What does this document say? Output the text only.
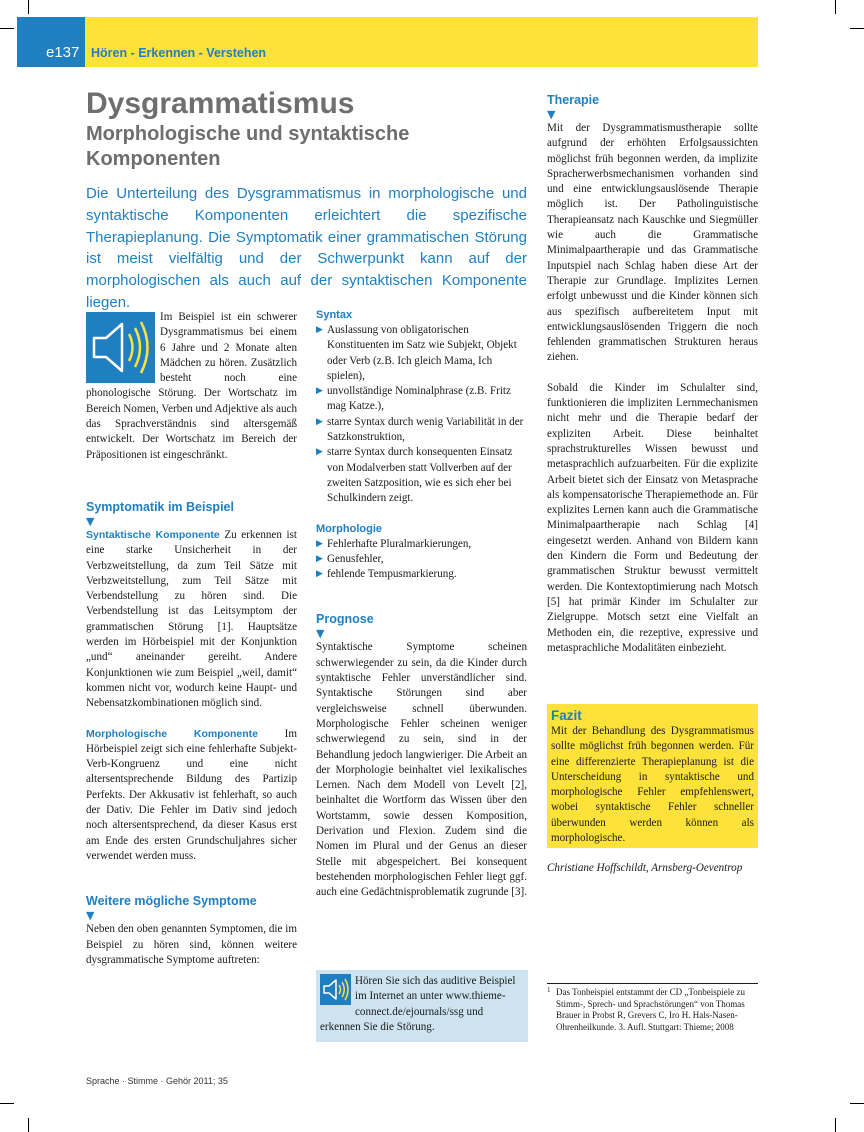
e137 Hören - Erkennen - Verstehen
Dysgrammatismus
Morphologische und syntaktische Komponenten

Die Unterteilung des Dysgrammatismus in morphologische und syntaktische Komponenten erleichtert die spezifische Therapieplanung. Die Symptomatik einer grammatischen Störung ist meist vielfältig und der Schwerpunkt kann auf der morphologischen als auch auf der syntaktischen Komponente liegen.

Im Beispiel ist ein schwerer Dysgrammatismus bei einem 6 Jahre und 2 Monate alten Mädchen zu hören. Zusätzlich besteht noch eine phonologische Störung. Der Wortschatz im Bereich Nomen, Verben und Adjektive als auch das Sprachverständnis sind altersgemäß entwickelt. Der Wortschatz im Bereich der Präpositionen ist eingeschränkt.

Symptomatik im Beispiel
▼

Syntaktische Komponente Zu erkennen ist eine starke Unsicherheit in der Verbzweitstellung, da zum Teil Sätze mit Verbzweitstellung, zum Teil Sätze mit Verbendstellung zu hören sind. Die Verbendstellung ist das Leitsymptom der grammatischen Störung [1]. Hauptsätze werden im Hörbeispiel mit der Konjunktion „und“ aneinander gereiht. Andere Konjunktionen wie zum Beispiel „weil, damit“ kommen nicht vor, wodurch keine Haupt- und Nebensatzkombinationen möglich sind.

Morphologische Komponente Im Hörbeispiel zeigt sich eine fehlerhafte Subjekt-Verb-Kongruenz und eine nicht altersentsprechende Bildung des Partizip Perfekts. Der Akkusativ ist fehlerhaft, so auch der Dativ. Die Fehler im Dativ sind jedoch noch altersentsprechend, da dieser Kasus erst am Ende des ersten Grundschuljahres sicher verwendet werden muss.

Weitere mögliche Symptome
▼

Neben den oben genannten Symptomen, die im Beispiel zu hören sind, können weitere dysgrammatische Symptome auftreten:

Syntax
▶ Auslassung von obligatorischen Konstituenten im Satz wie Subjekt, Objekt oder Verb (z.B. Ich gleich Mama, Ich spielen),
▶ unvollständige Nominalphrase (z.B. Fritz mag Katze.),
▶ starre Syntax durch wenig Variabilität in der Satzkonstruktion,
▶ starre Syntax durch konsequenten Einsatz von Modalverben statt Vollverben auf der zweiten Satzposition, wie es sich eher bei Schulkindern zeigt.
Morphologie
▶ Fehlerhafte Pluralmarkierungen,
▶ Genusfehler,
▶ fehlende Tempusmarkierung.
Prognose
▼

Syntaktische Symptome scheinen schwerwiegender zu sein, da die Kinder durch syntaktische Fehler unverständlicher sind. Syntaktische Störungen sind aber vergleichsweise schnell überwunden. Morphologische Fehler scheinen weniger schwerwiegend zu sein, sind in der Behandlung jedoch langwieriger. Die Arbeit an der Morphologie beinhaltet viel lexikalisches Lernen. Nach dem Modell von Levelt [2], beinhaltet die Wortform das Wissen über den Wortstamm, sowie dessen Komposition, Derivation und Flexion. Zudem sind die Nomen im Plural und der Genus an dieser Stelle mit abgespeichert. Bei konsequent bestehenden morphologischen Fehler liegt ggf. auch eine Gedächtnisproblematik zugrunde [3].

Hören Sie sich das auditive Beispiel im Internet an unter www.thieme-connect.de/ejournals/ssg und erkennen Sie die Störung.

Therapie
▼

Mit der Dysgrammatismustherapie sollte aufgrund der erhöhten Erfolgsaussichten möglichst früh begonnen werden, da implizite Spracherwerbsmechanismen vorhanden sind und eine entwicklungsauslösende Therapie möglich ist. Der Patholinguistische Therapieansatz nach Kauschke und Siegmüller wie auch die Grammatische Minimalpaartherapie und das Grammatische Inputspiel nach Schlag haben diese Art der Therapie zur Grundlage. Implizites Lernen erfolgt unbewusst und die Kinder können sich aus spezifisch aufbereitetem Input mit entwicklungsauslösenden Triggern die noch fehlenden grammatischen Strukturen heraus ziehen.

Sobald die Kinder im Schulalter sind, funktionieren die impliziten Lernmechanismen nicht mehr und die Therapie bedarf der expliziten Arbeit. Diese beinhaltet sprachstrukturelles Wissen bewusst und metasprachlich aufzuarbeiten. Für die explizite Arbeit bietet sich der Einsatz von Metasprache als kompensatorische Therapiemethode an. Für explizites Lernen kann auch die Grammatische Minimalpaartherapie nach Schlag [4] eingesetzt werden. Anhand von Bildern kann den Kindern die Form und Bedeutung der grammatischen Struktur bewusst vermittelt werden. Die Kontextoptimierung nach Motsch [5] hat primär Kinder im Schulalter zur Zielgruppe. Motsch setzt eine Vielfalt an Methoden ein, die rezeptive, expressive und metasprachliche Modalitäten einbezieht.

Fazit

Mit der Behandlung des Dysgrammatismus sollte möglichst früh begonnen werden. Für eine differenzierte Therapieplanung ist die Unterscheidung in syntaktische und morphologische Fehler empfehlenswert, wobei syntaktische Fehler schneller überwunden werden können als morphologische.

Christiane Hoffschildt, Arnsberg-Oeventrop

1 Das Tonbeispiel entstammt der CD „Tonbeispiele zu Stimm-, Sprech- und Sprachstörungen“ von Thomas Brauer in Probst R, Grevers C, Iro H. Hals-Nasen-Ohrenheilkunde. 3. Aufl. Stuttgart: Thieme; 2008
Sprache · Stimme · Gehör 2011; 35
